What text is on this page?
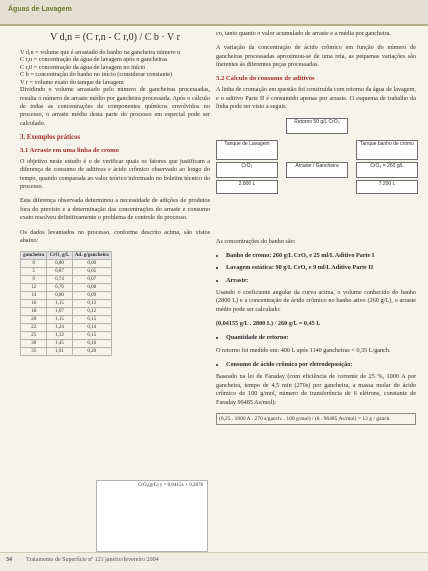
Águas de Lavagem
V d,n = (C r,n - C r,0) / C b · V r

V d,n = volume que é arrastado do banho na gancheira número n

C r,n = concentração da água de lavagem após n gancheiras

C r,0 = concentração da água de lavagem no início

C b = concentração do banho no início (considerar constante)

V r = volume exato do tanque de lavagem

Dividindo o volume arrastado pelo número de gancheiras processadas, resulta o número de arraste médio por gancheira processada. Após o cálculo de todas as concentrações de componentes químicos envolvidos no processo, o arraste médio desta parte do processo em especial pode ser calculado.

3. Exemplos práticos
3.1 Arraste em uma linha de cromo

O objetivo neste estudo é o de verificar quais os fatores que justificam a diferença de consumo de aditivos e ácido crômico observado ao longo do tempo, quando comparada ao valor teórico informado no boletim técnico do processo.

Esta diferença observada determinou a necessidade de adições de produtos fora do previsto e a determinação das concentrações do arraste e consumo exato resolveu definitivamente o problema de controle do processo.

Os dados levantados no processo, conforme descrito acima, são vistos abaixo:

gancheira	CrO₃ g/L	Ad. g/gancheira
0	0,00	0,00
5	0,87	0,05
9	0,74	0,07
12	0,76	0,08
14	0,80	0,09
16	1,15	0,13
18	1,07	0,12
20	1,15	0,15
22	1,24	0,14
25	1,32	0,15
30	1,45	0,16
35	1,61	0,20
CrO₃(g/L) y = 0,0415x + 0,2878

co, tanto quanto o valor acumulado de arraste e a média por gancheira.

A variação da concentração de ácido crômico em função do número de gancheiras processadas aproximou-se de uma reta, as pequenas variações são inerentes às diferentes peças processadas.

3.2 Cálculo do consumo de aditivos

A linha de cromação em questão foi construída com retorno da água de lavagem, e o aditivo Parte II é consumido apenas por arraste. O esquema de trabalho da linha pode ser visto a seguir.

Retorno 50 g/L CrO₃
Tanque de Lavagem	Tanque banho de cromo
CrO₃	CrO₃ = 260 g/L
Arraste / Gancheira
2.800 L	7.200 L

As concentrações do banho são:

• Banho de cromo: 260 g/L CrO₃ e 25 ml/L Aditivo Parte I
• Lavagem estática: 90 g/L CrO₃ e 9 ml/L Aditivo Parte II
• Arraste:

Usando o coeficiente angular da curva acima, o volume conhecido do banho (2800 L) e a concentração de ácido crômico no banho ativo (260 g/L), o arraste médio pode ser calculado:

(0,04155 g/L . 2800 L) / 260 g/L = 0,45 L

• Quantidade de retorno:

O retorno foi medido em: 400 L após 1140 gancheiras = 0,35 L/ganch.

• Consumo de ácido crômico por eletrodeposição:

Baseado na lei de Faraday (com eficiência de corrente de 25 %, 1000 A por gancheira, tempo de 4,5 min (270s) por gancheira, a massa molar do ácido crômico de 100 g/mol, número de transferência de 6 elétrons, constante de Faraday 96485 As/mol):

(0,25 . 1000 A . 270 s/ganch. . 100 g/mol) / (6 . 96485 As/mol) = 12 g / ganch.
34 Tratamento de Superfície nº 121 janeiro/fevereiro 2004
